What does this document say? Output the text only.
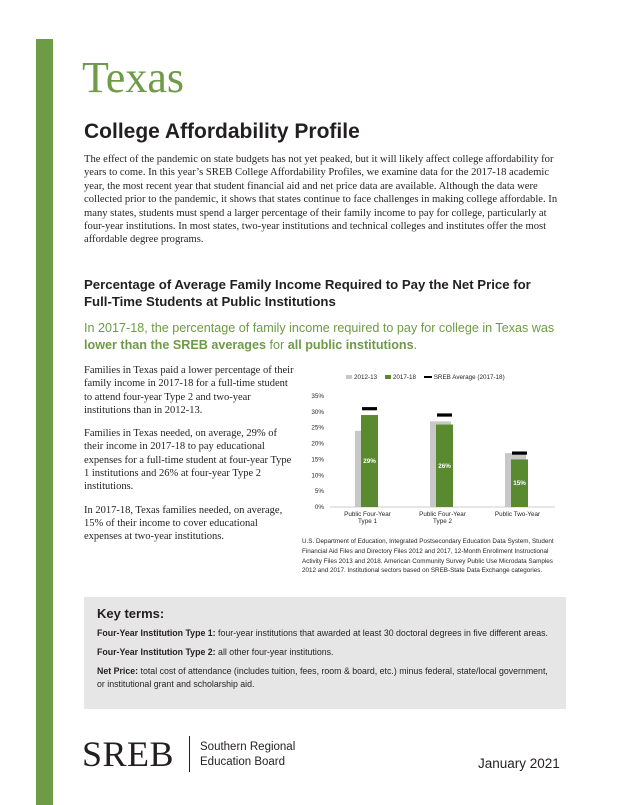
Texas
College Affordability Profile

The effect of the pandemic on state budgets has not yet peaked, but it will likely affect college affordability for years to come. In this year’s SREB College Affordability Profiles, we examine data for the 2017-18 academic year, the most recent year that student financial aid and net price data are available. Although the data were collected prior to the pandemic, it shows that states continue to face challenges in making college affordable. In many states, students must spend a larger percentage of their family income to pay for college, particularly at four-year institutions. In most states, two-year institutions and technical colleges and institutes offer the most affordable degree programs.

Percentage of Average Family Income Required to Pay the Net Price for Full-Time Students at Public Institutions
In 2017-18, the percentage of family income required to pay for college in Texas was lower than the SREB averages for all public institutions.

Families in Texas paid a lower percentage of their family income in 2017-18 for a full-time student to attend four-year Type 2 and two-year institutions than in 2012-13.

Families in Texas needed, on average, 29% of their income in 2017-18 to pay educational expenses for a full-time student at four-year Type 1 institutions and 26% at four-year Type 2 institutions.

In 2017-18, Texas families needed, on average, 15% of their income to cover educational expenses at two-year institutions.

2012-13	2017-18	SREB Average (2017-18)
0%
5%
10%
15%
20%
25%
30%
35%
29%
Public Four-Year
Type 1
26%
Public Four-Year
Type 2
15%
Public Two-Year

U.S. Department of Education, Integrated Postsecondary Education Data System, Student Financial Aid Files and Directory Files 2012 and 2017, 12-Month Enrollment Instructional Activity Files 2013 and 2018. American Community Survey Public Use Microdata Samples 2012 and 2017. Institutional sectors based on SREB-State Data Exchange categories.

Key terms:

Four-Year Institution Type 1: four-year institutions that awarded at least 30 doctoral degrees in five different areas.

Four-Year Institution Type 2: all other four-year institutions.

Net Price: total cost of attendance (includes tuition, fees, room & board, etc.) minus federal, state/local government, or institutional grant and scholarship aid.

SREB Southern Regional
Education Board	January 2021
